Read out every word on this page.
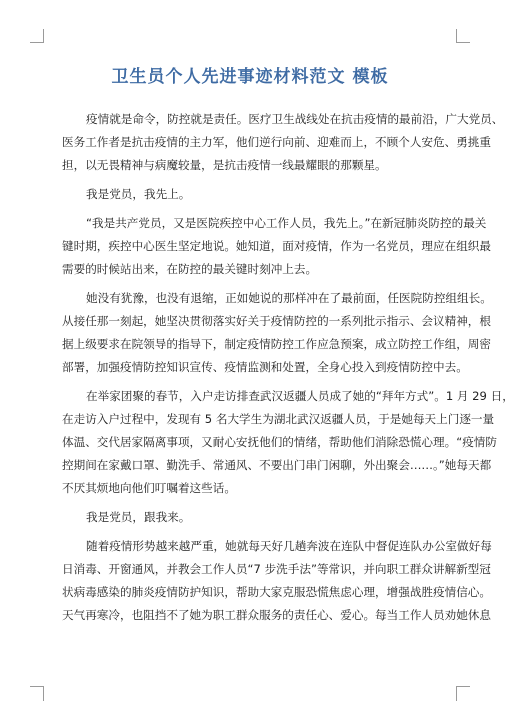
卫生员个人先进事迹材料范文 模板
疫情就是命令，防控就是责任。医疗卫生战线处在抗击疫情的最前沿，广大党员、
医务工作者是抗击疫情的主力军，他们逆行向前、迎难而上，不顾个人安危、勇挑重
担，以无畏精神与病魔较量，是抗击疫情一线最耀眼的那颗星。
我是党员，我先上。
“我是共产党员，又是医院疾控中心工作人员，我先上。”在新冠肺炎防控的最关
键时期，疾控中心医生坚定地说。她知道，面对疫情，作为一名党员，理应在组织最
需要的时候站出来，在防控的最关键时刻冲上去。
她没有犹豫，也没有退缩，正如她说的那样冲在了最前面，任医院防控组组长。
从接任那一刻起，她坚决贯彻落实好关于疫情防控的一系列批示指示、会议精神，根
据上级要求在院领导的指导下，制定疫情防控工作应急预案，成立防控工作组，周密
部署，加强疫情防控知识宣传、疫情监测和处置，全身心投入到疫情防控中去。
在举家团聚的春节，入户走访排查武汉返疆人员成了她的“拜年方式”。1 月 29 日，
在走访入户过程中，发现有 5 名大学生为湖北武汉返疆人员，于是她每天上门逐一量
体温、交代居家隔离事项，又耐心安抚他们的情绪，帮助他们消除恐慌心理。“疫情防
控期间在家戴口罩、勤洗手、常通风、不要出门串门闲聊，外出聚会……。”她每天都
不厌其烦地向他们叮嘱着这些话。
我是党员，跟我来。
随着疫情形势越来越严重，她就每天好几趟奔波在连队中督促连队办公室做好每
日消毒、开窗通风，并教会工作人员“7 步洗手法”等常识，并向职工群众讲解新型冠
状病毒感染的肺炎疫情防护知识，帮助大家克服恐慌焦虑心理，增强战胜疫情信心。
天气再寒冷，也阻挡不了她为职工群众服务的责任心、爱心。每当工作人员劝她休息
